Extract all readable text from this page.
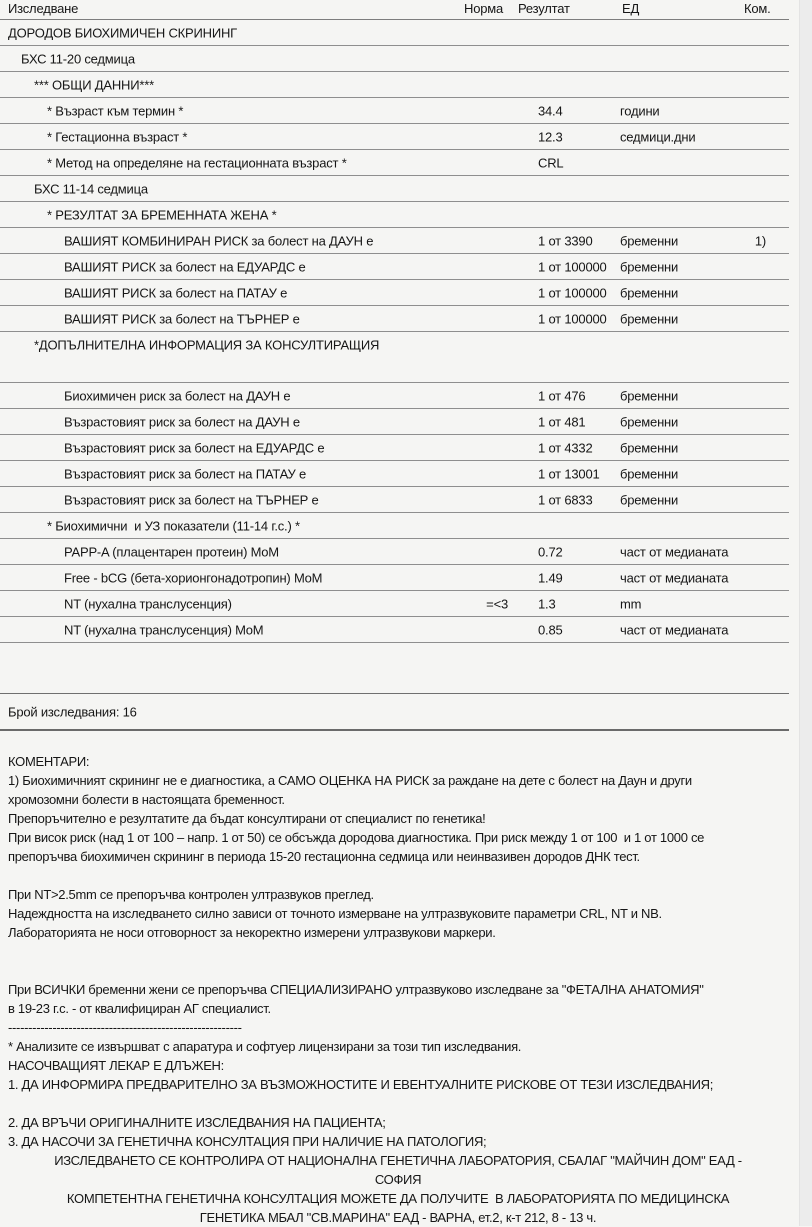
Изследване	Норма Резултат	ЕД	Ком.
ДОРОДОВ БИОХИМИЧЕН СКРИНИНГ
БХС 11-20 седмица
*** ОБЩИ ДАННИ***
* Възраст към термин *	34.4	години
* Гестационна възраст *	12.3	седмици.дни
* Метод на определяне на гестационната възраст *	CRL
БХС 11-14 седмица
* РЕЗУЛТАТ ЗА БРЕМЕННАТА ЖЕНА *
ВАШИЯТ КОМБИНИРАН РИСК за болест на ДАУН е	1 от 3390 бременни	1)
ВАШИЯТ РИСК за болест на ЕДУАРДС е	1 от 100000 бременни
ВАШИЯТ РИСК за болест на ПАТАУ е	1 от 100000 бременни
ВАШИЯТ РИСК за болест на ТЪРНЕР е	1 от 100000 бременни
*ДОПЪЛНИТЕЛНА ИНФОРМАЦИЯ ЗА КОНСУЛТИРАЩИЯ
Биохимичен риск за болест на ДАУН е	1 от 476	бременни
Възрастовият риск за болест на ДАУН е	1 от 481	бременни
Възрастовият риск за болест на ЕДУАРДС е	1 от 4332 бременни
Възрастовият риск за болест на ПАТАУ е	1 от 13001 бременни
Възрастовият риск за болест на ТЪРНЕР е	1 от 6833 бременни
* Биохимични  и УЗ показатели (11-14 г.с.) *
PAPP-A (плацентарен протеин) MoM	0.72	част от медианата
Free - bCG (бета-хорионгонадотропин) MoM	1.49	част от медианата
NT (нухална транслусенция)	=<3 1.3	mm
NT (нухална транслусенция) MoM	0.85	част от медианата
Брой изследвания: 16
КОМЕНТАРИ:
1) Биохимичният скрининг не е диагностика, а САМО ОЦЕНКА НА РИСК за раждане на дете с болест на Даун и други
хромозомни болести в настоящата бременност.
Препоръчително е резултатите да бъдат консултирани от специалист по генетика!
При висок риск (над 1 от 100 – напр. 1 от 50) се обсъжда дородова диагностика. При риск между 1 от 100  и 1 от 1000 се
препоръчва биохимичен скрининг в периода 15-20 гестационна седмица или неинвазивен дородов ДНК тест.
При NT>2.5mm се препоръчва контролен ултразвуков преглед.
Надеждността на изследването силно зависи от точното измерване на ултразвуковите параметри CRL, NT и NB.
Лабораторията не носи отговорност за некоректно измерени ултразвукови маркери.
При ВСИЧКИ бременни жени се препоръчва СПЕЦИАЛИЗИРАНО ултразвуково изследване за "ФЕТАЛНА АНАТОМИЯ"
в 19-23 г.с. - от квалифициран АГ специалист.
----------------------------------------------------------
* Анализите се извършват с апаратура и софтуер лицензирани за този тип изследвания.
НАСОЧВАЩИЯТ ЛЕКАР Е ДЛЪЖЕН:
1. ДА ИНФОРМИРА ПРЕДВАРИТЕЛНО ЗА ВЪЗМОЖНОСТИТЕ И ЕВЕНТУАЛНИТЕ РИСКОВЕ ОТ ТЕЗИ ИЗСЛЕДВАНИЯ;
2. ДА ВРЪЧИ ОРИГИНАЛНИТЕ ИЗСЛЕДВАНИЯ НА ПАЦИЕНТА;
3. ДА НАСОЧИ ЗА ГЕНЕТИЧНА КОНСУЛТАЦИЯ ПРИ НАЛИЧИЕ НА ПАТОЛОГИЯ;
ИЗСЛЕДВАНЕТО СЕ КОНТРОЛИРА ОТ НАЦИОНАЛНА ГЕНЕТИЧНА ЛАБОРАТОРИЯ, СБАЛАГ "МАЙЧИН ДОМ" ЕАД -
СОФИЯ
КОМПЕТЕНТНА ГЕНЕТИЧНА КОНСУЛТАЦИЯ МОЖЕТЕ ДА ПОЛУЧИТЕ  В ЛАБОРАТОРИЯТА ПО МЕДИЦИНСКА
ГЕНЕТИКА МБАЛ "СВ.МАРИНА" ЕАД - ВАРНА, ет.2, к-т 212, 8 - 13 ч.
